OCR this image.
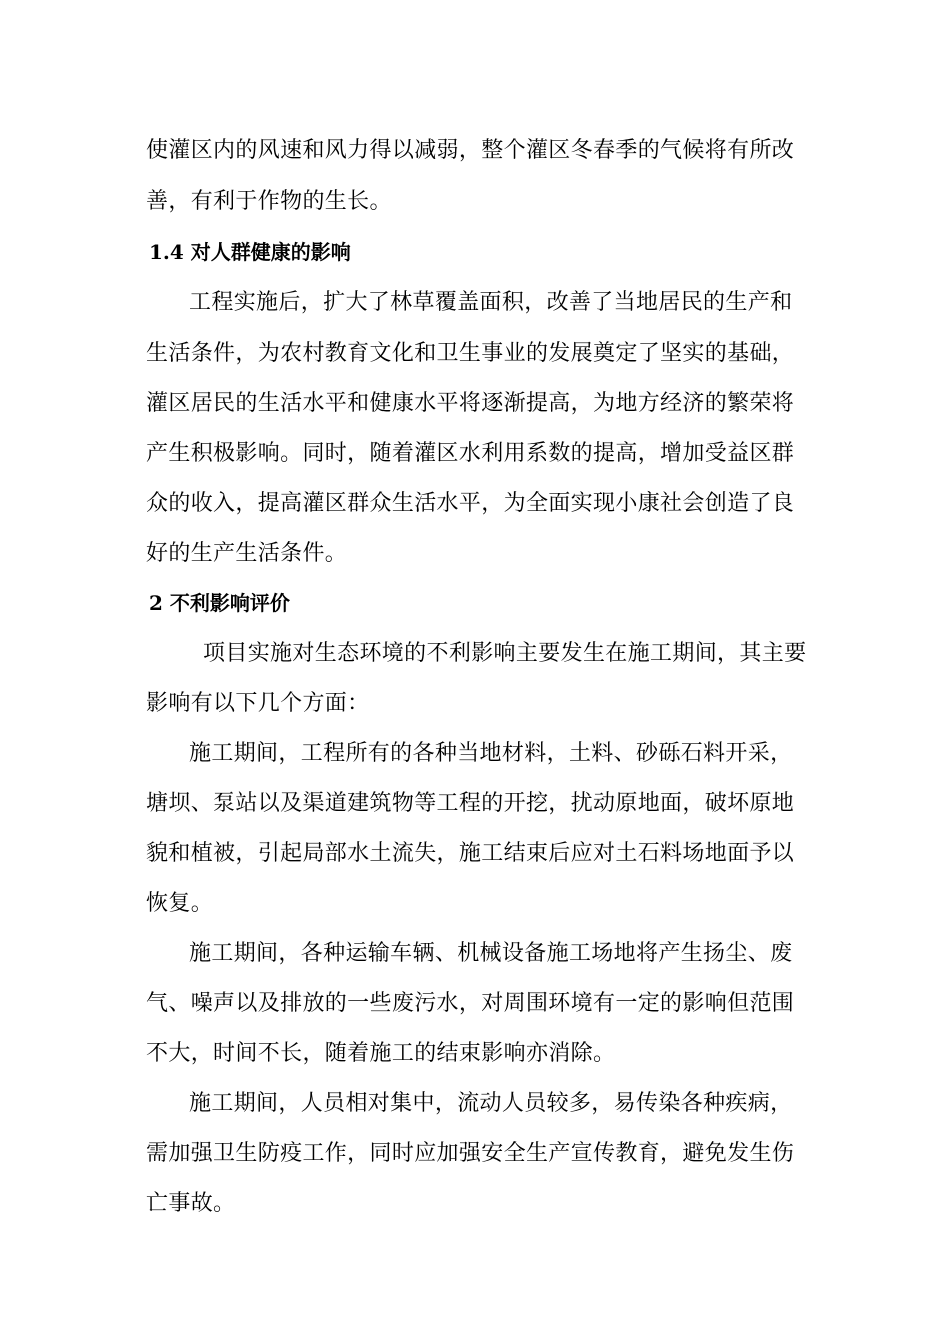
使灌区内的风速和风力得以减弱，整个灌区冬春季的气候将有所改
善，有利于作物的生长。
1.4 对人群健康的影响
工程实施后，扩大了林草覆盖面积，改善了当地居民的生产和
生活条件，为农村教育文化和卫生事业的发展奠定了坚实的基础，
灌区居民的生活水平和健康水平将逐渐提高，为地方经济的繁荣将
产生积极影响。同时，随着灌区水利用系数的提高，增加受益区群
众的收入，提高灌区群众生活水平，为全面实现小康社会创造了良
好的生产生活条件。
2 不利影响评价
项目实施对生态环境的不利影响主要发生在施工期间，其主要
影响有以下几个方面：
施工期间，工程所有的各种当地材料，土料、砂砾石料开采，
塘坝、泵站以及渠道建筑物等工程的开挖，扰动原地面，破坏原地
貌和植被，引起局部水土流失，施工结束后应对土石料场地面予以
恢复。
施工期间，各种运输车辆、机械设备施工场地将产生扬尘、废
气、噪声以及排放的一些废污水，对周围环境有一定的影响但范围
不大，时间不长，随着施工的结束影响亦消除。
施工期间，人员相对集中，流动人员较多，易传染各种疾病，
需加强卫生防疫工作，同时应加强安全生产宣传教育，避免发生伤
亡事故。
